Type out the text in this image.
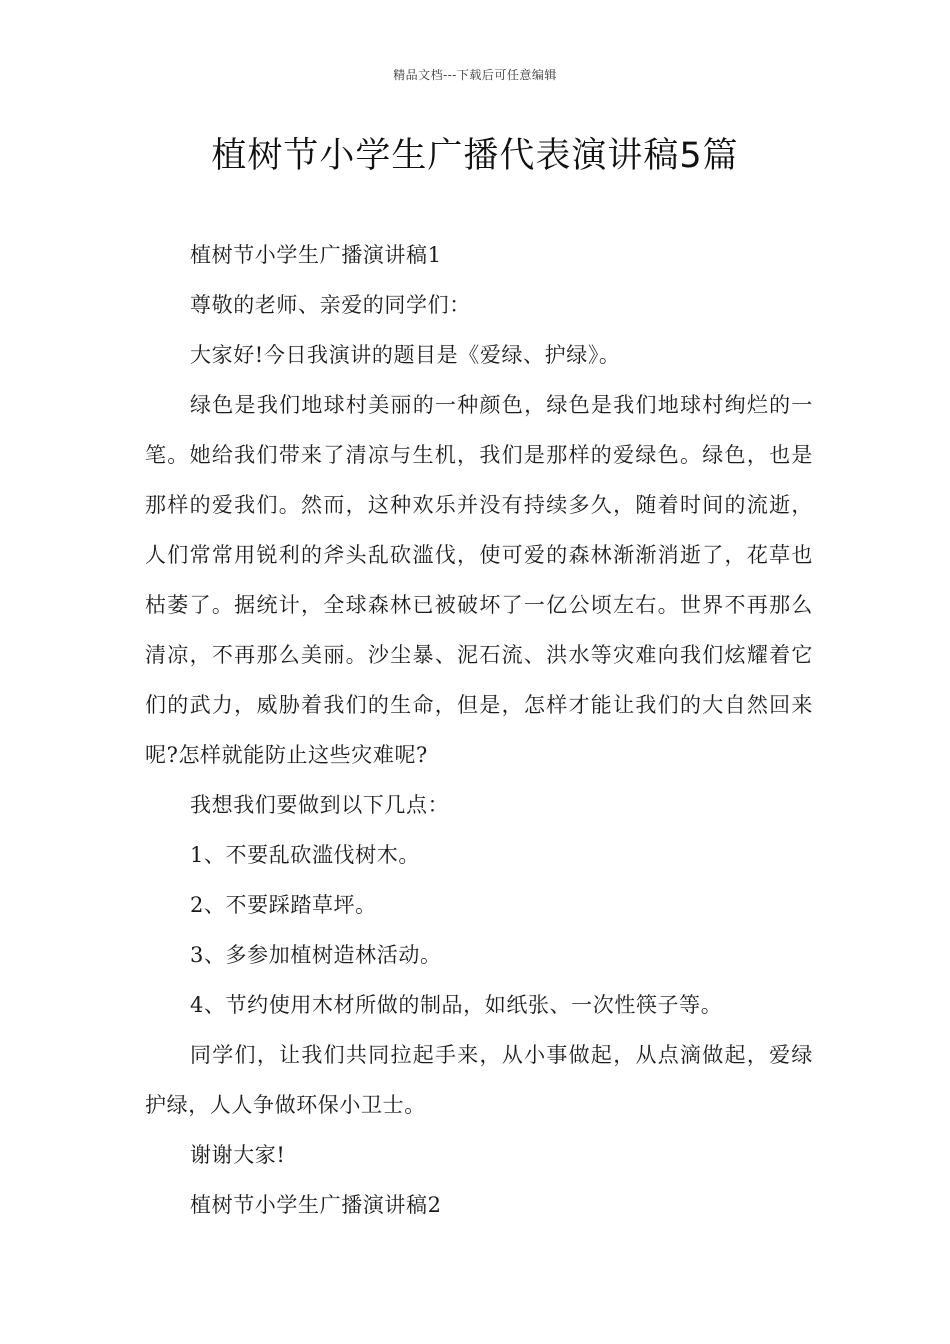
精品文档---下载后可任意编辑
植树节小学生广播代表演讲稿5篇

植树节小学生广播演讲稿1

尊敬的老师、亲爱的同学们：

大家好!今日我演讲的题目是《爱绿、护绿》。

绿色是我们地球村美丽的一种颜色，绿色是我们地球村绚烂的一笔。她给我们带来了清凉与生机，我们是那样的爱绿色。绿色，也是那样的爱我们。然而，这种欢乐并没有持续多久，随着时间的流逝，人们常常用锐利的斧头乱砍滥伐，使可爱的森林渐渐消逝了，花草也枯萎了。据统计，全球森林已被破坏了一亿公顷左右。世界不再那么清凉，不再那么美丽。沙尘暴、泥石流、洪水等灾难向我们炫耀着它们的武力，威胁着我们的生命，但是，怎样才能让我们的大自然回来呢?怎样就能防止这些灾难呢?

我想我们要做到以下几点：

1、不要乱砍滥伐树木。

2、不要踩踏草坪。

3、多参加植树造林活动。

4、节约使用木材所做的制品，如纸张、一次性筷子等。

同学们，让我们共同拉起手来，从小事做起，从点滴做起，爱绿护绿，人人争做环保小卫士。

谢谢大家!

植树节小学生广播演讲稿2
